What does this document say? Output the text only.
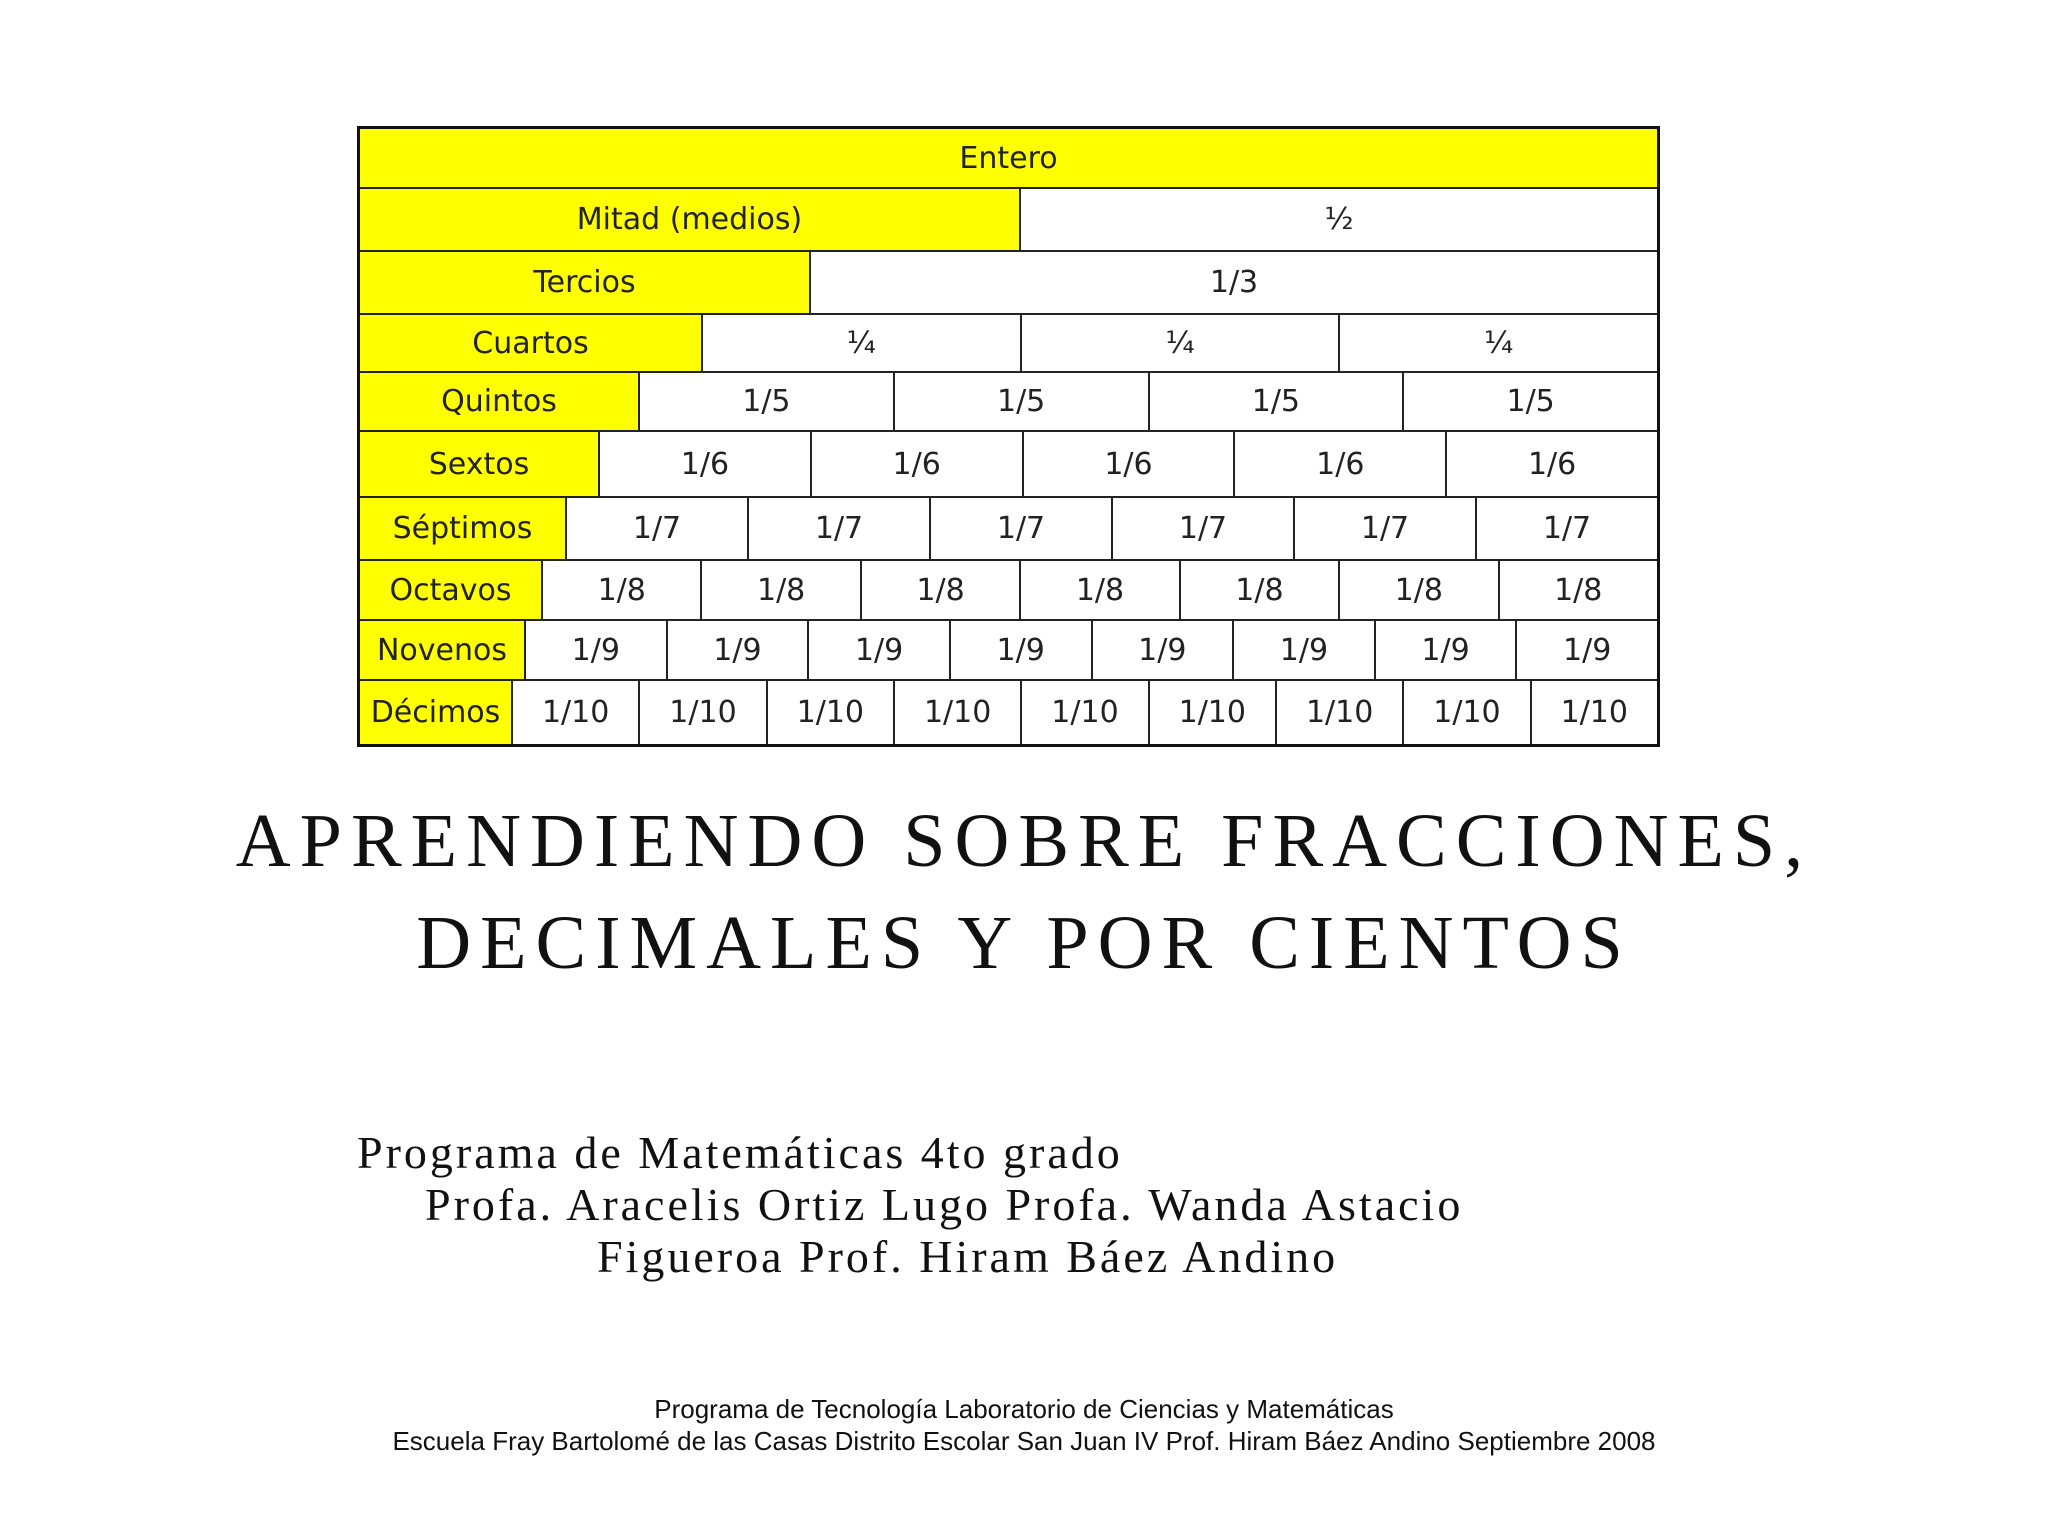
Entero
Mitad (medios)	½
Tercios	1/3
Cuartos	¼	¼	¼
Quintos	1/5	1/5	1/5	1/5
Sextos	1/6	1/6	1/6	1/6	1/6
Séptimos	1/7	1/7	1/7	1/7	1/7	1/7
Octavos	1/8	1/8	1/8	1/8	1/8	1/8	1/8
Novenos	1/9	1/9	1/9	1/9	1/9	1/9	1/9	1/9
Décimos	1/10	1/10	1/10	1/10	1/10	1/10	1/10	1/10	1/10
APRENDIENDO SOBRE FRACCIONES,
DECIMALES Y POR CIENTOS
Programa de Matemáticas 4to grado
Profa. Aracelis Ortiz Lugo Profa. Wanda Astacio
Figueroa Prof. Hiram Báez Andino
Programa de Tecnología Laboratorio de Ciencias y Matemáticas
Escuela Fray Bartolomé de las Casas Distrito Escolar San Juan IV Prof. Hiram Báez Andino Septiembre 2008
